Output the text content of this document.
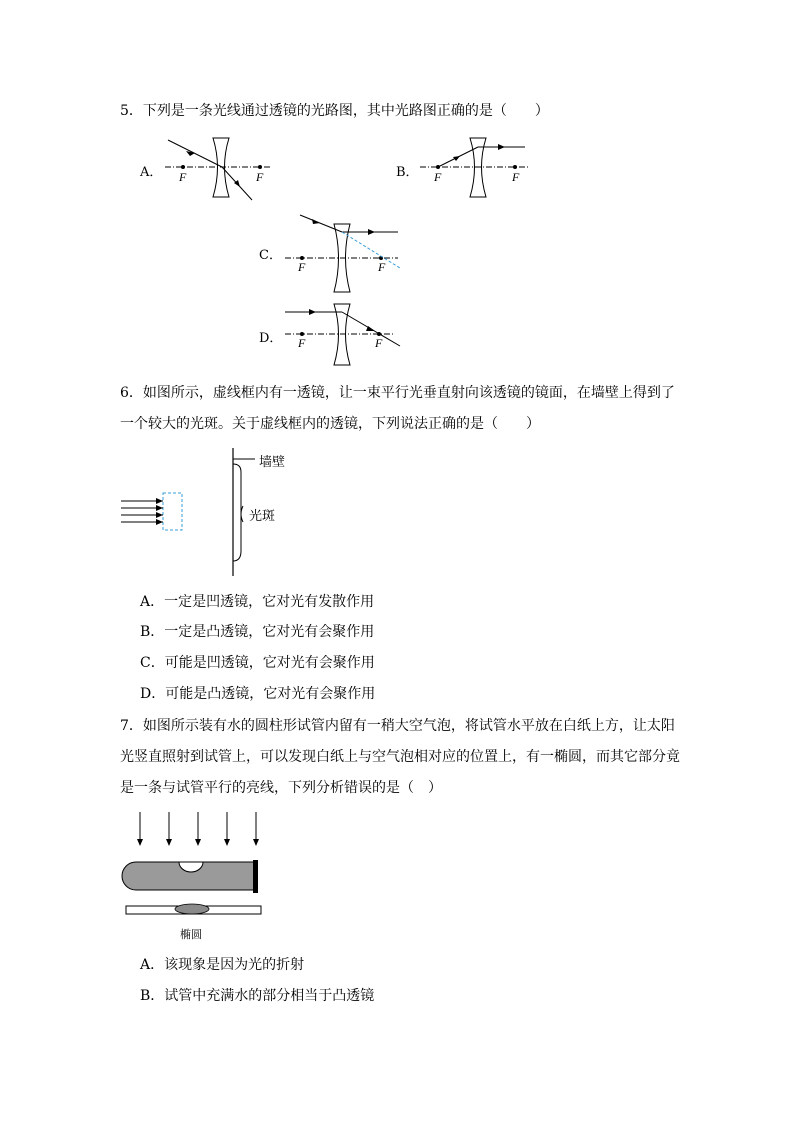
5．下列是一条光线通过透镜的光路图，其中光路图正确的是（　　）
A． F	F	B． F	F
C．
F	F
D． F	F
6．如图所示，虚线框内有一透镜，让一束平行光垂直射向该透镜的镜面，在墙壁上得到了
一个较大的光斑。关于虚线框内的透镜，下列说法正确的是（　　）
墙壁
光斑
A．一定是凹透镜，它对光有发散作用
B．一定是凸透镜，它对光有会聚作用
C．可能是凹透镜，它对光有会聚作用
D．可能是凸透镜，它对光有会聚作用
7．如图所示装有水的圆柱形试管内留有一稍大空气泡，将试管水平放在白纸上方，让太阳
光竖直照射到试管上，可以发现白纸上与空气泡相对应的位置上，有一椭圆，而其它部分竟
是一条与试管平行的亮线，下列分析错误的是（　）
椭圆
A．该现象是因为光的折射
B．试管中充满水的部分相当于凸透镜
